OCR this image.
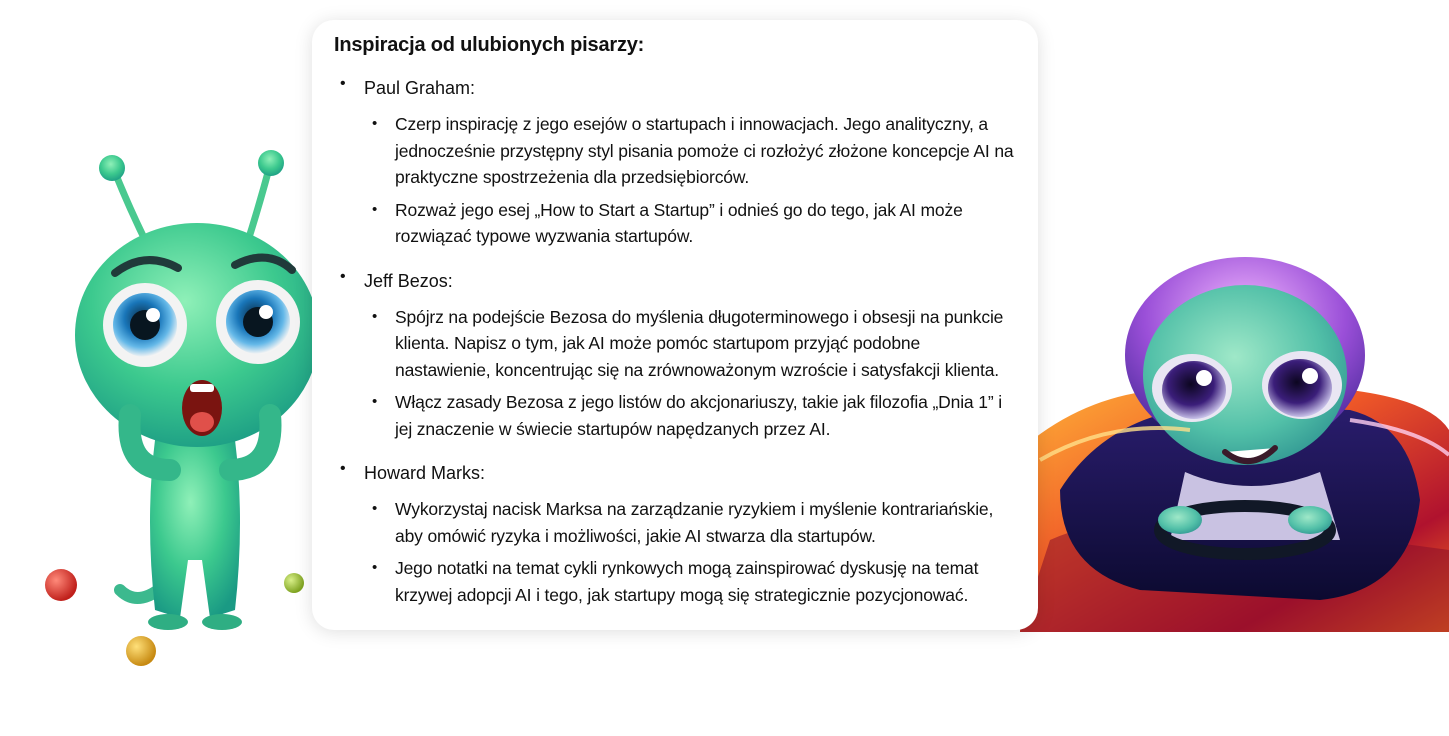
Inspiracja od ulubionych pisarzy:
• Paul Graham:
• Czerp inspirację z jego esejów o startupach i innowacjach. Jego analityczny, a jednocześnie przystępny styl pisania pomoże ci rozłożyć złożone koncepcje AI na praktyczne spostrzeżenia dla przedsiębiorców.
• Rozważ jego esej „How to Start a Startup” i odnieś go do tego, jak AI może rozwiązać typowe wyzwania startupów.
• Jeff Bezos:
• Spójrz na podejście Bezosa do myślenia długoterminowego i obsesji na punkcie klienta. Napisz o tym, jak AI może pomóc startupom przyjąć podobne nastawienie, koncentrując się na zrównoważonym wzroście i satysfakcji klienta.
• Włącz zasady Bezosa z jego listów do akcjonariuszy, takie jak filozofia „Dnia 1” i jej znaczenie w świecie startupów napędzanych przez AI.
• Howard Marks:
• Wykorzystaj nacisk Marksa na zarządzanie ryzykiem i myślenie kontrariańskie, aby omówić ryzyka i możliwości, jakie AI stwarza dla startupów.
• Jego notatki na temat cykli rynkowych mogą zainspirować dyskusję na temat krzywej adopcji AI i tego, jak startupy mogą się strategicznie pozycjonować.
